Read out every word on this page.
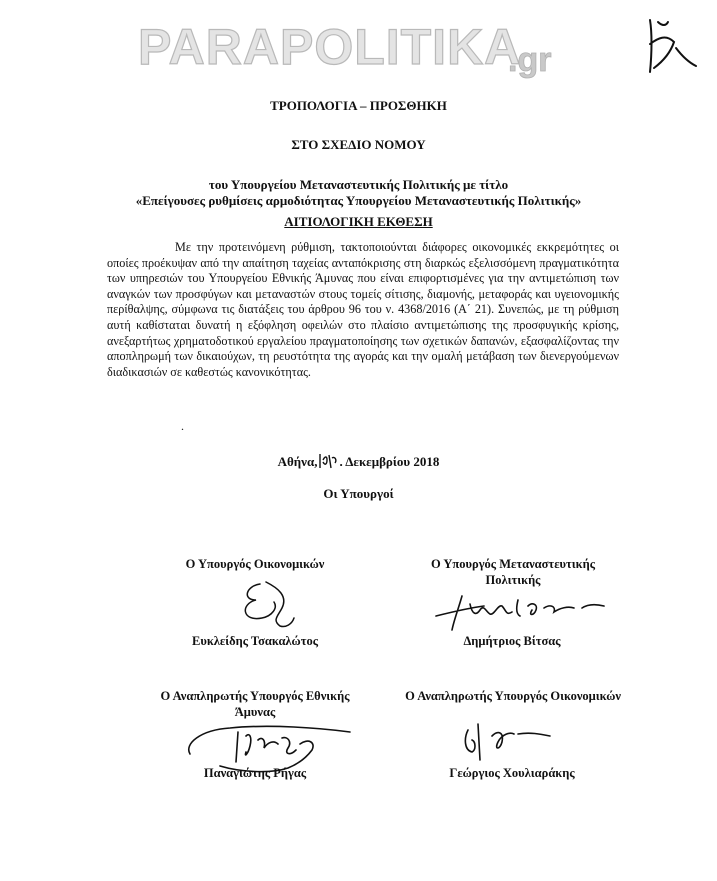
PARAPOLITIKA
.gr
ΤΡΟΠΟΛΟΓΙΑ – ΠΡΟΣΘΗΚΗ
ΣΤΟ ΣΧΕΔΙΟ ΝΟΜΟΥ
του Υπουργείου Μεταναστευτικής Πολιτικής με τίτλο
«Επείγουσες ρυθμίσεις αρμοδιότητας Υπουργείου Μεταναστευτικής Πολιτικής»
ΑΙΤΙΟΛΟΓΙΚΗ ΕΚΘΕΣΗ
Με την προτεινόμενη ρύθμιση, τακτοποιούνται διάφορες οικονομικές εκκρεμότητες οι οποίες προέκυψαν από την απαίτηση ταχείας ανταπόκρισης στη διαρκώς εξελισσόμενη πραγματικότητα των υπηρεσιών του Υπουργείου Εθνικής Άμυνας που είναι επιφορτισμένες για την αντιμετώπιση των αναγκών των προσφύγων και μεταναστών στους τομείς σίτισης, διαμονής, μεταφοράς και υγειονομικής περίθαλψης, σύμφωνα τις διατάξεις του άρθρου 96 του ν. 4368/2016 (Α΄ 21). Συνεπώς, με τη ρύθμιση αυτή καθίσταται δυνατή η εξόφληση οφειλών στο πλαίσιο αντιμετώπισης της προσφυγικής κρίσης, ανεξαρτήτως χρηματοδοτικού εργαλείου πραγματοποίησης των σχετικών δαπανών, εξασφαλίζοντας την αποπληρωμή των δικαιούχων, τη ρευστότητα της αγοράς και την ομαλή μετάβαση των διενεργούμενων διαδικασιών σε καθεστώς κανονικότητας.
.
Αθήνα, . Δεκεμβρίου 2018
Οι Υπουργοί
Ο Υπουργός Οικονομικών
Ευκλείδης Τσακαλώτος
Ο Υπουργός Μεταναστευτικής Πολιτικής
Δημήτριος Βίτσας
Ο Αναπληρωτής Υπουργός Εθνικής Άμυνας
Παναγιώτης Ρήγας
Ο Αναπληρωτής Υπουργός Οικονομικών
Γεώργιος Χουλιαράκης
